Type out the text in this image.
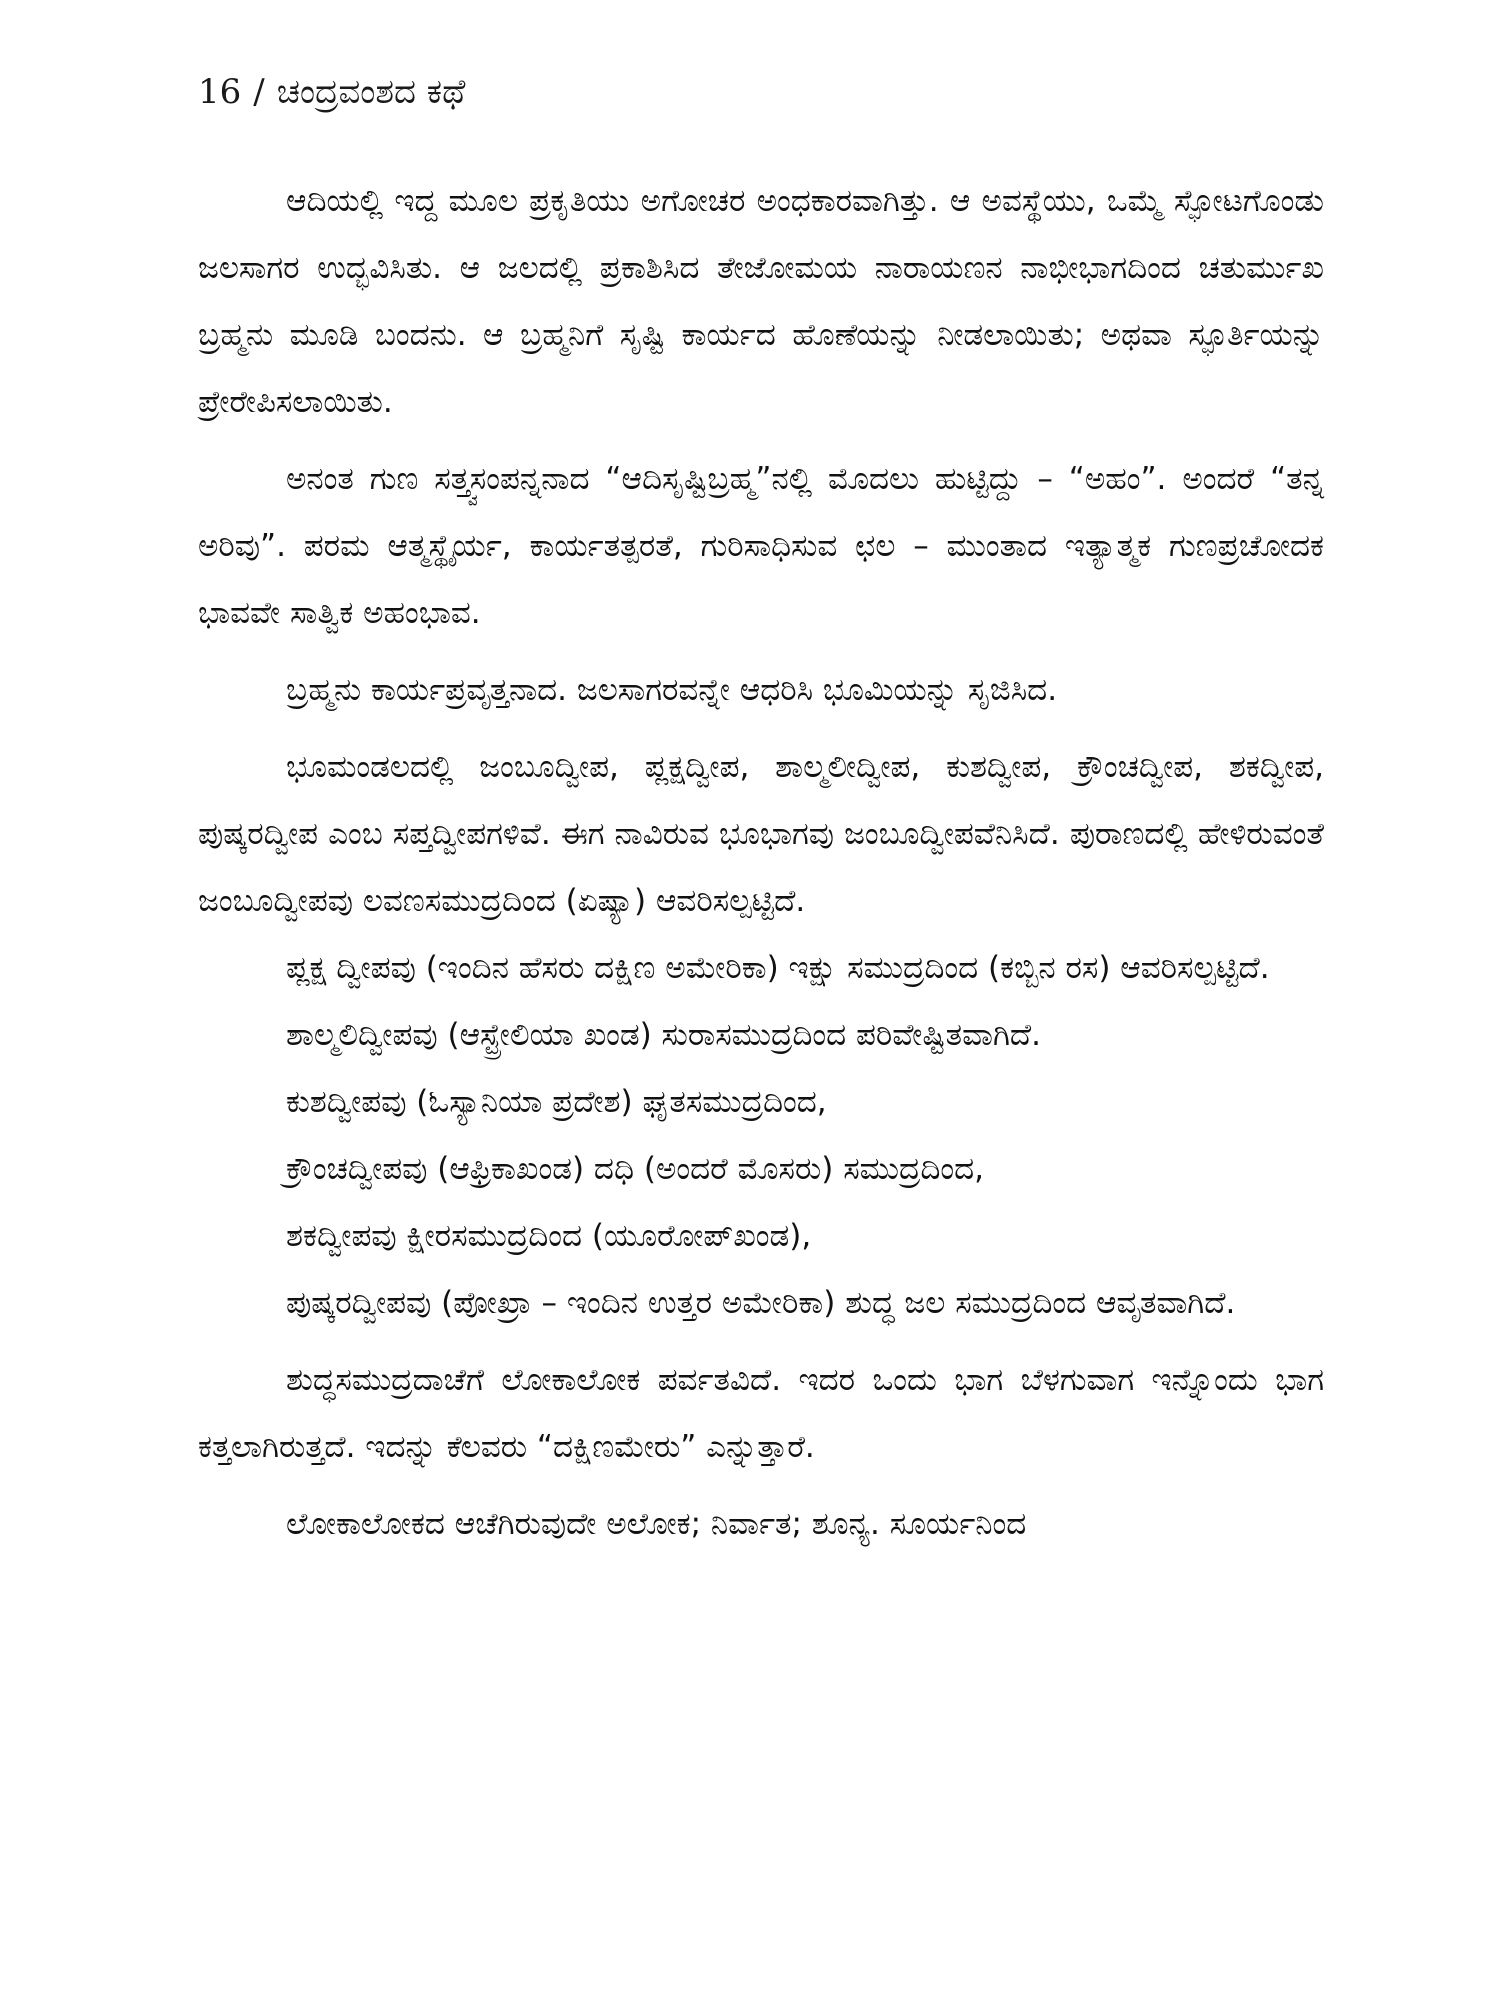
16 / ಚಂದ್ರವಂಶದ ಕಥೆ

ಆದಿಯಲ್ಲಿ ಇದ್ದ ಮೂಲ ಪ್ರಕೃತಿಯು ಅಗೋಚರ ಅಂಧಕಾರವಾಗಿತ್ತು. ಆ ಅವಸ್ಥೆಯು, ಒಮ್ಮೆ ಸ್ಫೋಟಗೊಂಡು ಜಲಸಾಗರ ಉದ್ಭವಿಸಿತು. ಆ ಜಲದಲ್ಲಿ ಪ್ರಕಾಶಿಸಿದ ತೇಜೋಮಯ ನಾರಾಯಣನ ನಾಭೀಭಾಗದಿಂದ ಚತುರ್ಮುಖ ಬ್ರಹ್ಮನು ಮೂಡಿ ಬಂದನು. ಆ ಬ್ರಹ್ಮನಿಗೆ ಸೃಷ್ಟಿ ಕಾರ್ಯದ ಹೊಣೆಯನ್ನು ನೀಡಲಾಯಿತು; ಅಥವಾ ಸ್ಫೂರ್ತಿಯನ್ನು ಪ್ರೇರೇಪಿಸಲಾಯಿತು.

ಅನಂತ ಗುಣ ಸತ್ತ್ವಸಂಪನ್ನನಾದ “ಆದಿಸೃಷ್ಟಿಬ್ರಹ್ಮ”ನಲ್ಲಿ ಮೊದಲು ಹುಟ್ಟಿದ್ದು – “ಅಹಂ”. ಅಂದರೆ “ತನ್ನ ಅರಿವು”. ಪರಮ ಆತ್ಮಸ್ಥೈರ್ಯ, ಕಾರ್ಯತತ್ಪರತೆ, ಗುರಿಸಾಧಿಸುವ ಛಲ – ಮುಂತಾದ ಇತ್ಯಾತ್ಮಕ ಗುಣಪ್ರಚೋದಕ ಭಾವವೇ ಸಾತ್ವಿಕ ಅಹಂಭಾವ.

ಬ್ರಹ್ಮನು ಕಾರ್ಯಪ್ರವೃತ್ತನಾದ. ಜಲಸಾಗರವನ್ನೇ ಆಧರಿಸಿ ಭೂಮಿಯನ್ನು ಸೃಜಿಸಿದ.

ಭೂಮಂಡಲದಲ್ಲಿ ಜಂಬೂದ್ವೀಪ, ಪ್ಲಕ್ಷದ್ವೀಪ, ಶಾಲ್ಮಲೀದ್ವೀಪ, ಕುಶದ್ವೀಪ, ಕ್ರೌಂಚದ್ವೀಪ, ಶಕದ್ವೀಪ, ಪುಷ್ಕರದ್ವೀಪ ಎಂಬ ಸಪ್ತದ್ವೀಪಗಳಿವೆ. ಈಗ ನಾವಿರುವ ಭೂಭಾಗವು ಜಂಬೂದ್ವೀಪವೆನಿಸಿದೆ. ಪುರಾಣದಲ್ಲಿ ಹೇಳಿರುವಂತೆ ಜಂಬೂದ್ವೀಪವು ಲವಣಸಮುದ್ರದಿಂದ (ಏಷ್ಯಾ) ಆವರಿಸಲ್ಪಟ್ಟಿದೆ.

ಪ್ಲಕ್ಷ ದ್ವೀಪವು (ಇಂದಿನ ಹೆಸರು ದಕ್ಷಿಣ ಅಮೇರಿಕಾ) ಇಕ್ಷು ಸಮುದ್ರದಿಂದ (ಕಬ್ಬಿನ ರಸ) ಆವರಿಸಲ್ಪಟ್ಟಿದೆ.

ಶಾಲ್ಮಲಿದ್ವೀಪವು (ಆಸ್ಟ್ರೇಲಿಯಾ ಖಂಡ) ಸುರಾಸಮುದ್ರದಿಂದ ಪರಿವೇಷ್ಟಿತವಾಗಿದೆ.

ಕುಶದ್ವೀಪವು (ಓಸ್ಯಾನಿಯಾ ಪ್ರದೇಶ) ಘೃತಸಮುದ್ರದಿಂದ,

ಕ್ರೌಂಚದ್ವೀಪವು (ಆಫ್ರಿಕಾಖಂಡ) ದಧಿ (ಅಂದರೆ ಮೊಸರು) ಸಮುದ್ರದಿಂದ,

ಶಕದ್ವೀಪವು ಕ್ಷೀರಸಮುದ್ರದಿಂದ (ಯೂರೋಪ್‌ಖಂಡ),

ಪುಷ್ಕರದ್ವೀಪವು (ಪೋಖ್ರಾ – ಇಂದಿನ ಉತ್ತರ ಅಮೇರಿಕಾ) ಶುದ್ಧ ಜಲ ಸಮುದ್ರದಿಂದ ಆವೃತವಾಗಿದೆ.

ಶುದ್ಧಸಮುದ್ರದಾಚೆಗೆ ಲೋಕಾಲೋಕ ಪರ್ವತವಿದೆ. ಇದರ ಒಂದು ಭಾಗ ಬೆಳಗುವಾಗ ಇನ್ನೊಂದು ಭಾಗ ಕತ್ತಲಾಗಿರುತ್ತದೆ. ಇದನ್ನು ಕೆಲವರು “ದಕ್ಷಿಣಮೇರು” ಎನ್ನುತ್ತಾರೆ.

ಲೋಕಾಲೋಕದ ಆಚೆಗಿರುವುದೇ ಅಲೋಕ; ನಿರ್ವಾತ; ಶೂನ್ಯ. ಸೂರ್ಯನಿಂದ
